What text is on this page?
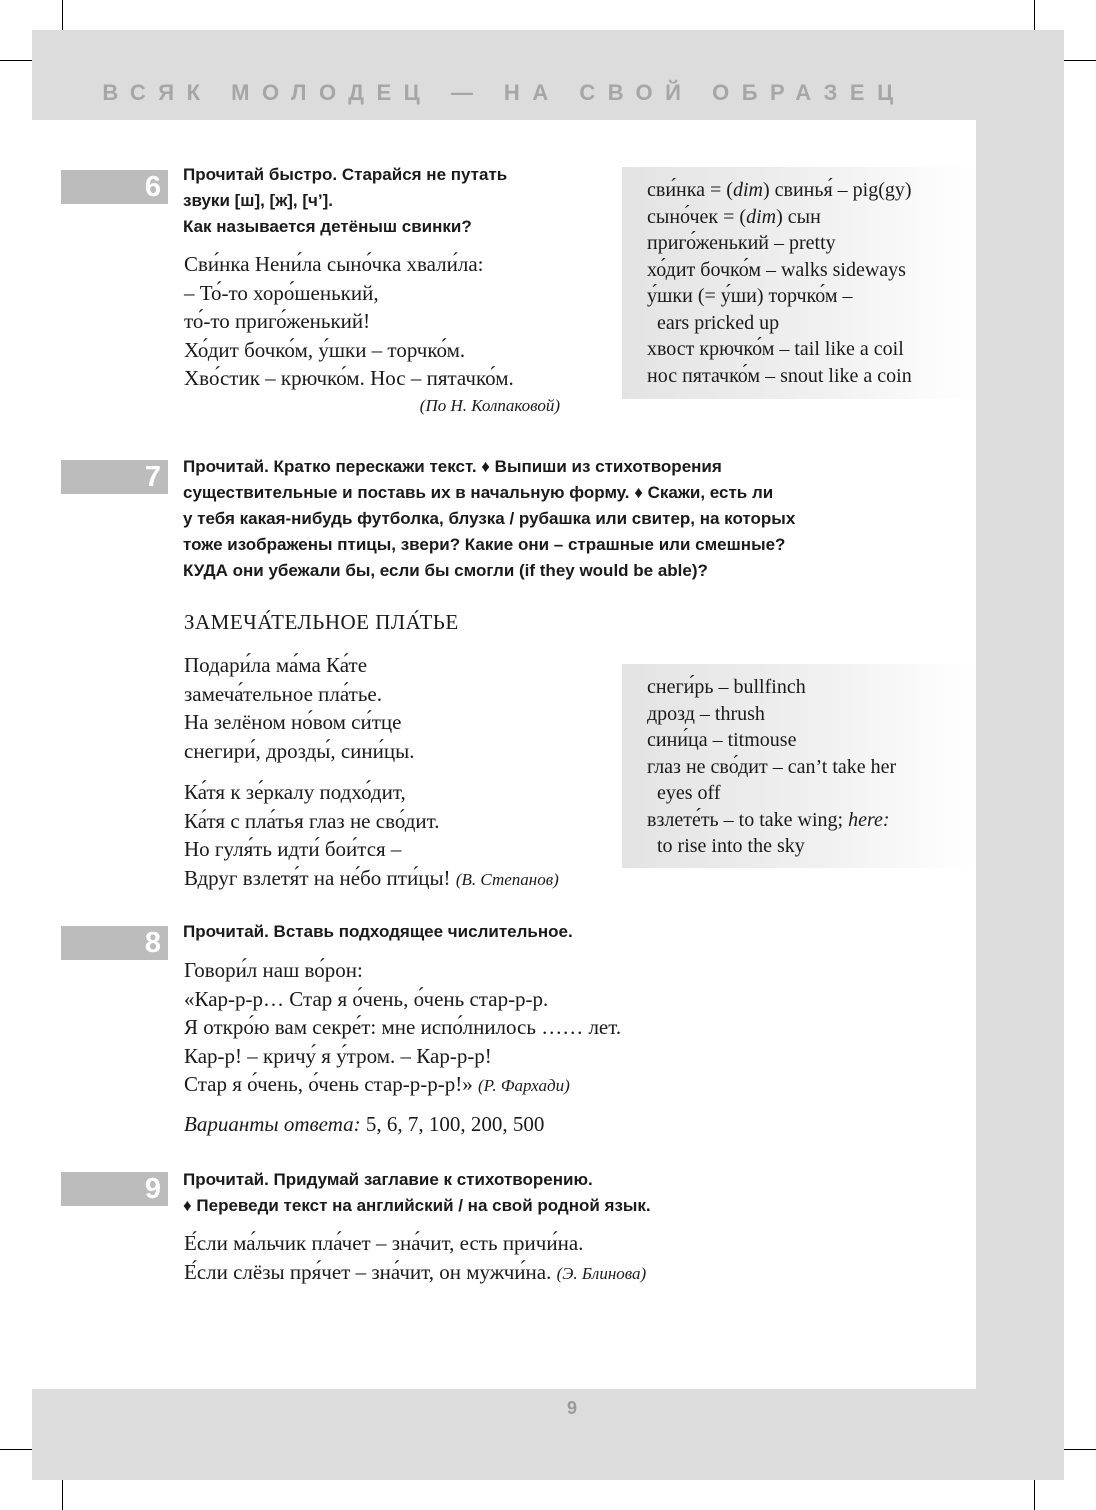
ВСЯК МОЛОДЕЦ — НА СВОЙ ОБРАЗЕЦ
6	Прочитай быстро. Старайся не путать
звуки [ш], [ж], [ч’].
Как называется детёныш свинки?
Сви́нка Нени́ла сыно́чка хвали́ла:
– То́-то хоро́шенький,
то́-то приго́женький!
Хо́дит бочко́м, у́шки – торчко́м.
Хво́стик – крючко́м. Нос – пятачко́м.
(По Н. Колпаковой)
сви́нка = (dim) свинья́ – pig(gy)
сыно́чек = (dim) сын
приго́женький – pretty
хо́дит бочко́м – walks sideways
у́шки (= у́ши) торчко́м –
ears pricked up
хвост крючко́м – tail like a coil
нос пятачко́м – snout like a coin
7	Прочитай. Кратко перескажи текст. ♦ Выпиши из стихотворения
существительные и поставь их в начальную форму. ♦ Скажи, есть ли
у тебя какая-нибудь футболка, блузка / рубашка или свитер, на которых
тоже изображены птицы, звери? Какие они – страшные или смешные?
КУДА они убежали бы, если бы смогли (if they would be able)?
ЗАМЕЧА́ТЕЛЬНОЕ ПЛА́ТЬЕ
Подари́ла ма́ма Ка́те
замеча́тельное пла́тье.
На зелёном но́вом си́тце
снегири́, дрозды́, сини́цы.
Ка́тя к зе́ркалу подхо́дит,
Ка́тя с пла́тья глаз не сво́дит.
Но гуля́ть идти́ бои́тся –
Вдруг взлетя́т на не́бо пти́цы! (В. Степанов)
снеги́рь – bullfinch
дрозд – thrush
сини́ца – titmouse
глаз не сво́дит – can’t take her
eyes off
взлете́ть – to take wing; here:
to rise into the sky
8	Прочитай. Вставь подходящее числительное.
Говори́л наш во́рон:
«Кар-р-р… Стар я о́чень, о́чень стар-р-р.
Я откро́ю вам секре́т: мне испо́лнилось …… лет.
Кар-р! – кричу́ я у́тром. – Кар-р-р!
Стар я о́чень, о́чень стар-р-р-р!» (Р. Фархади)
Варианты ответа: 5, 6, 7, 100, 200, 500
9	Прочитай. Придумай заглавие к стихотворению.
♦ Переведи текст на английский / на свой родной язык.
Е́сли ма́льчик пла́чет – зна́чит, есть причи́на.
Е́сли слёзы пря́чет – зна́чит, он мужчи́на. (Э. Блинова)
9
